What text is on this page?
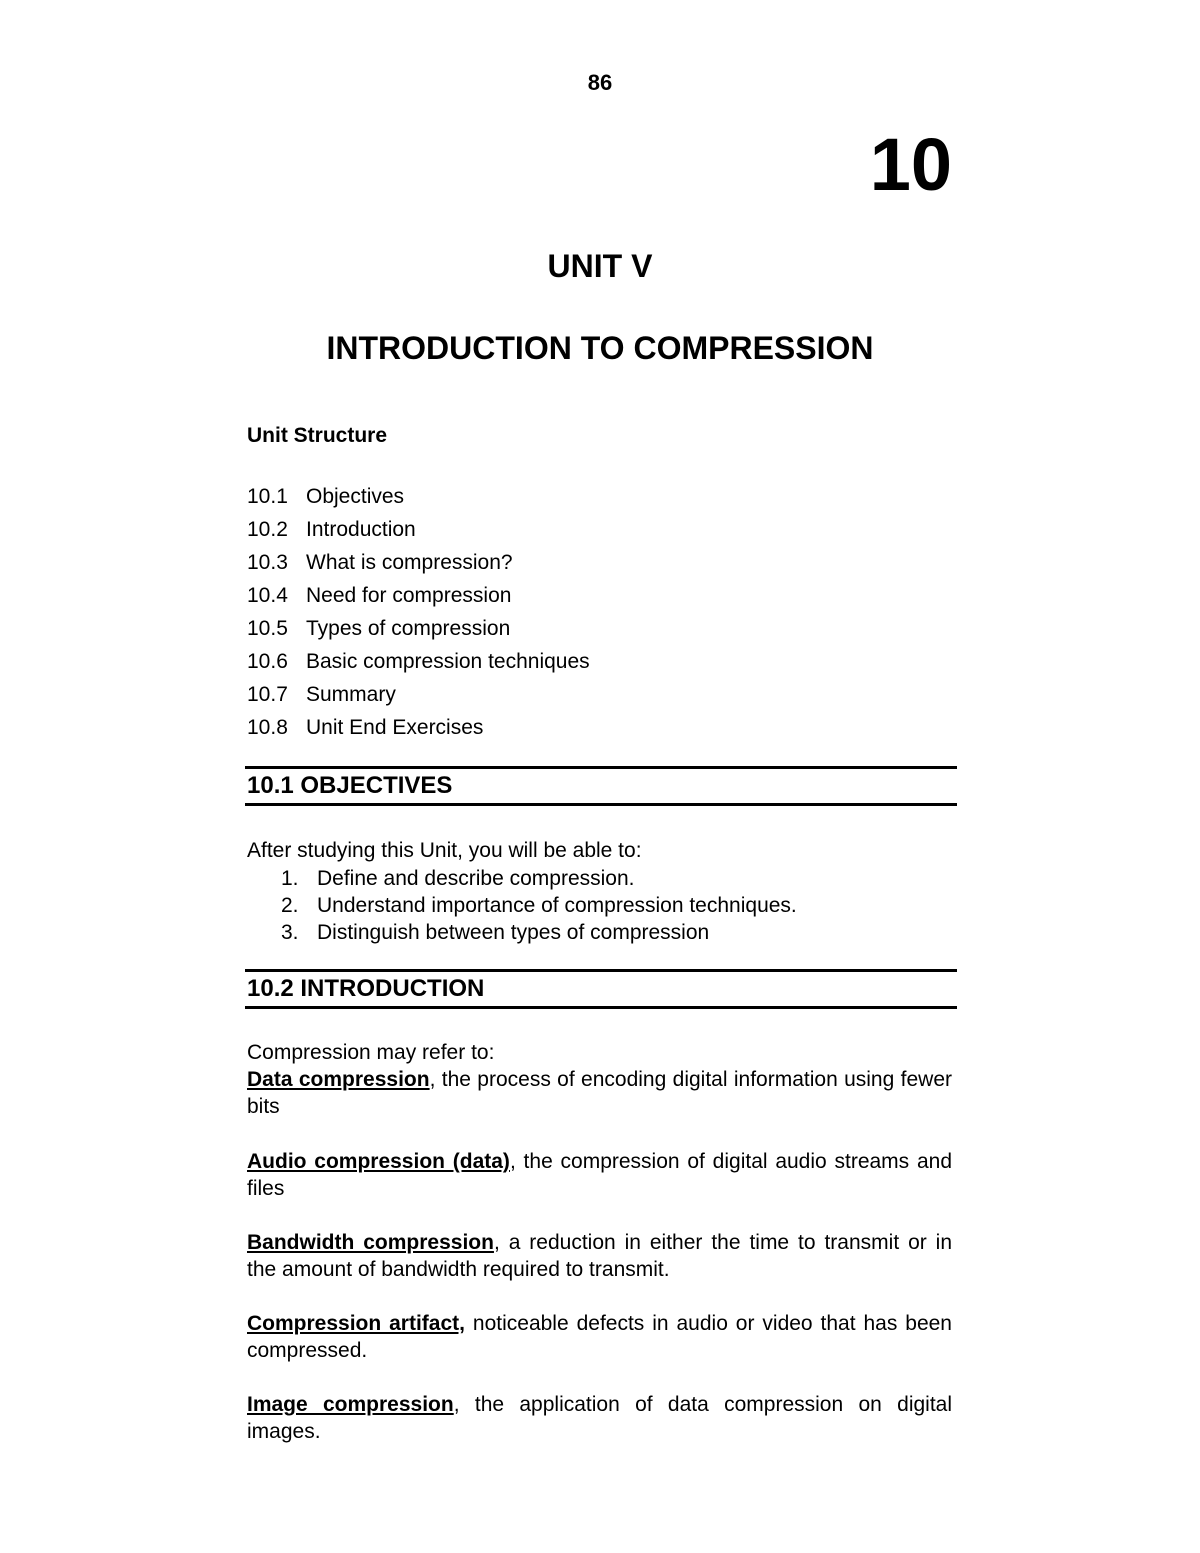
86
10
UNIT V
INTRODUCTION TO COMPRESSION
Unit Structure
10.1 Objectives
10.2 Introduction
10.3 What is compression?
10.4 Need for compression
10.5 Types of compression
10.6 Basic compression techniques
10.7 Summary
10.8 Unit End Exercises
10.1 OBJECTIVES
After studying this Unit, you will be able to:
1. Define and describe compression.
2. Understand importance of compression techniques.
3. Distinguish between types of compression
10.2 INTRODUCTION
Compression may refer to:
Data compression, the process of encoding digital information using fewer bits
Audio compression (data), the compression of digital audio streams and files
Bandwidth compression, a reduction in either the time to transmit or in the amount of bandwidth required to transmit.
Compression artifact, noticeable defects in audio or video that has been compressed.
Image compression, the application of data compression on digital images.
